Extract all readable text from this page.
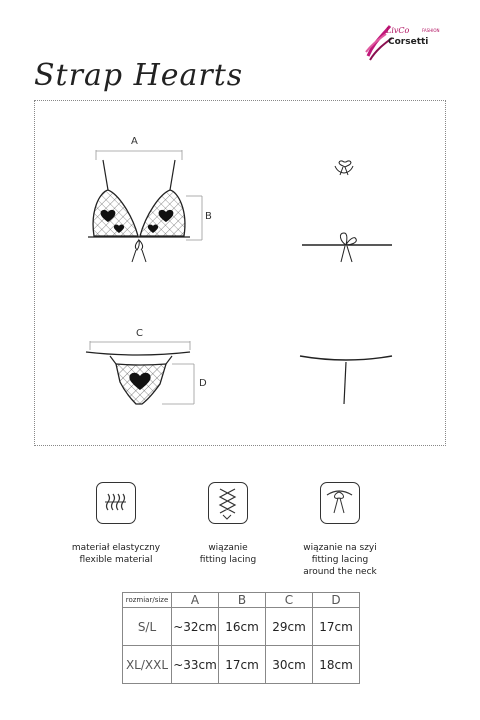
LivCo	FASHION
Corsetti
Strap Hearts
A
B
C
D
materiał elastyczny
flexible material
wiązanie
fitting lacing
wiązanie na szyi
fitting lacing
around the neck
rozmiar/size	A	B	C	D
S/L	~32cm	16cm	29cm	17cm
XL/XXL	~33cm	17cm	30cm	18cm
